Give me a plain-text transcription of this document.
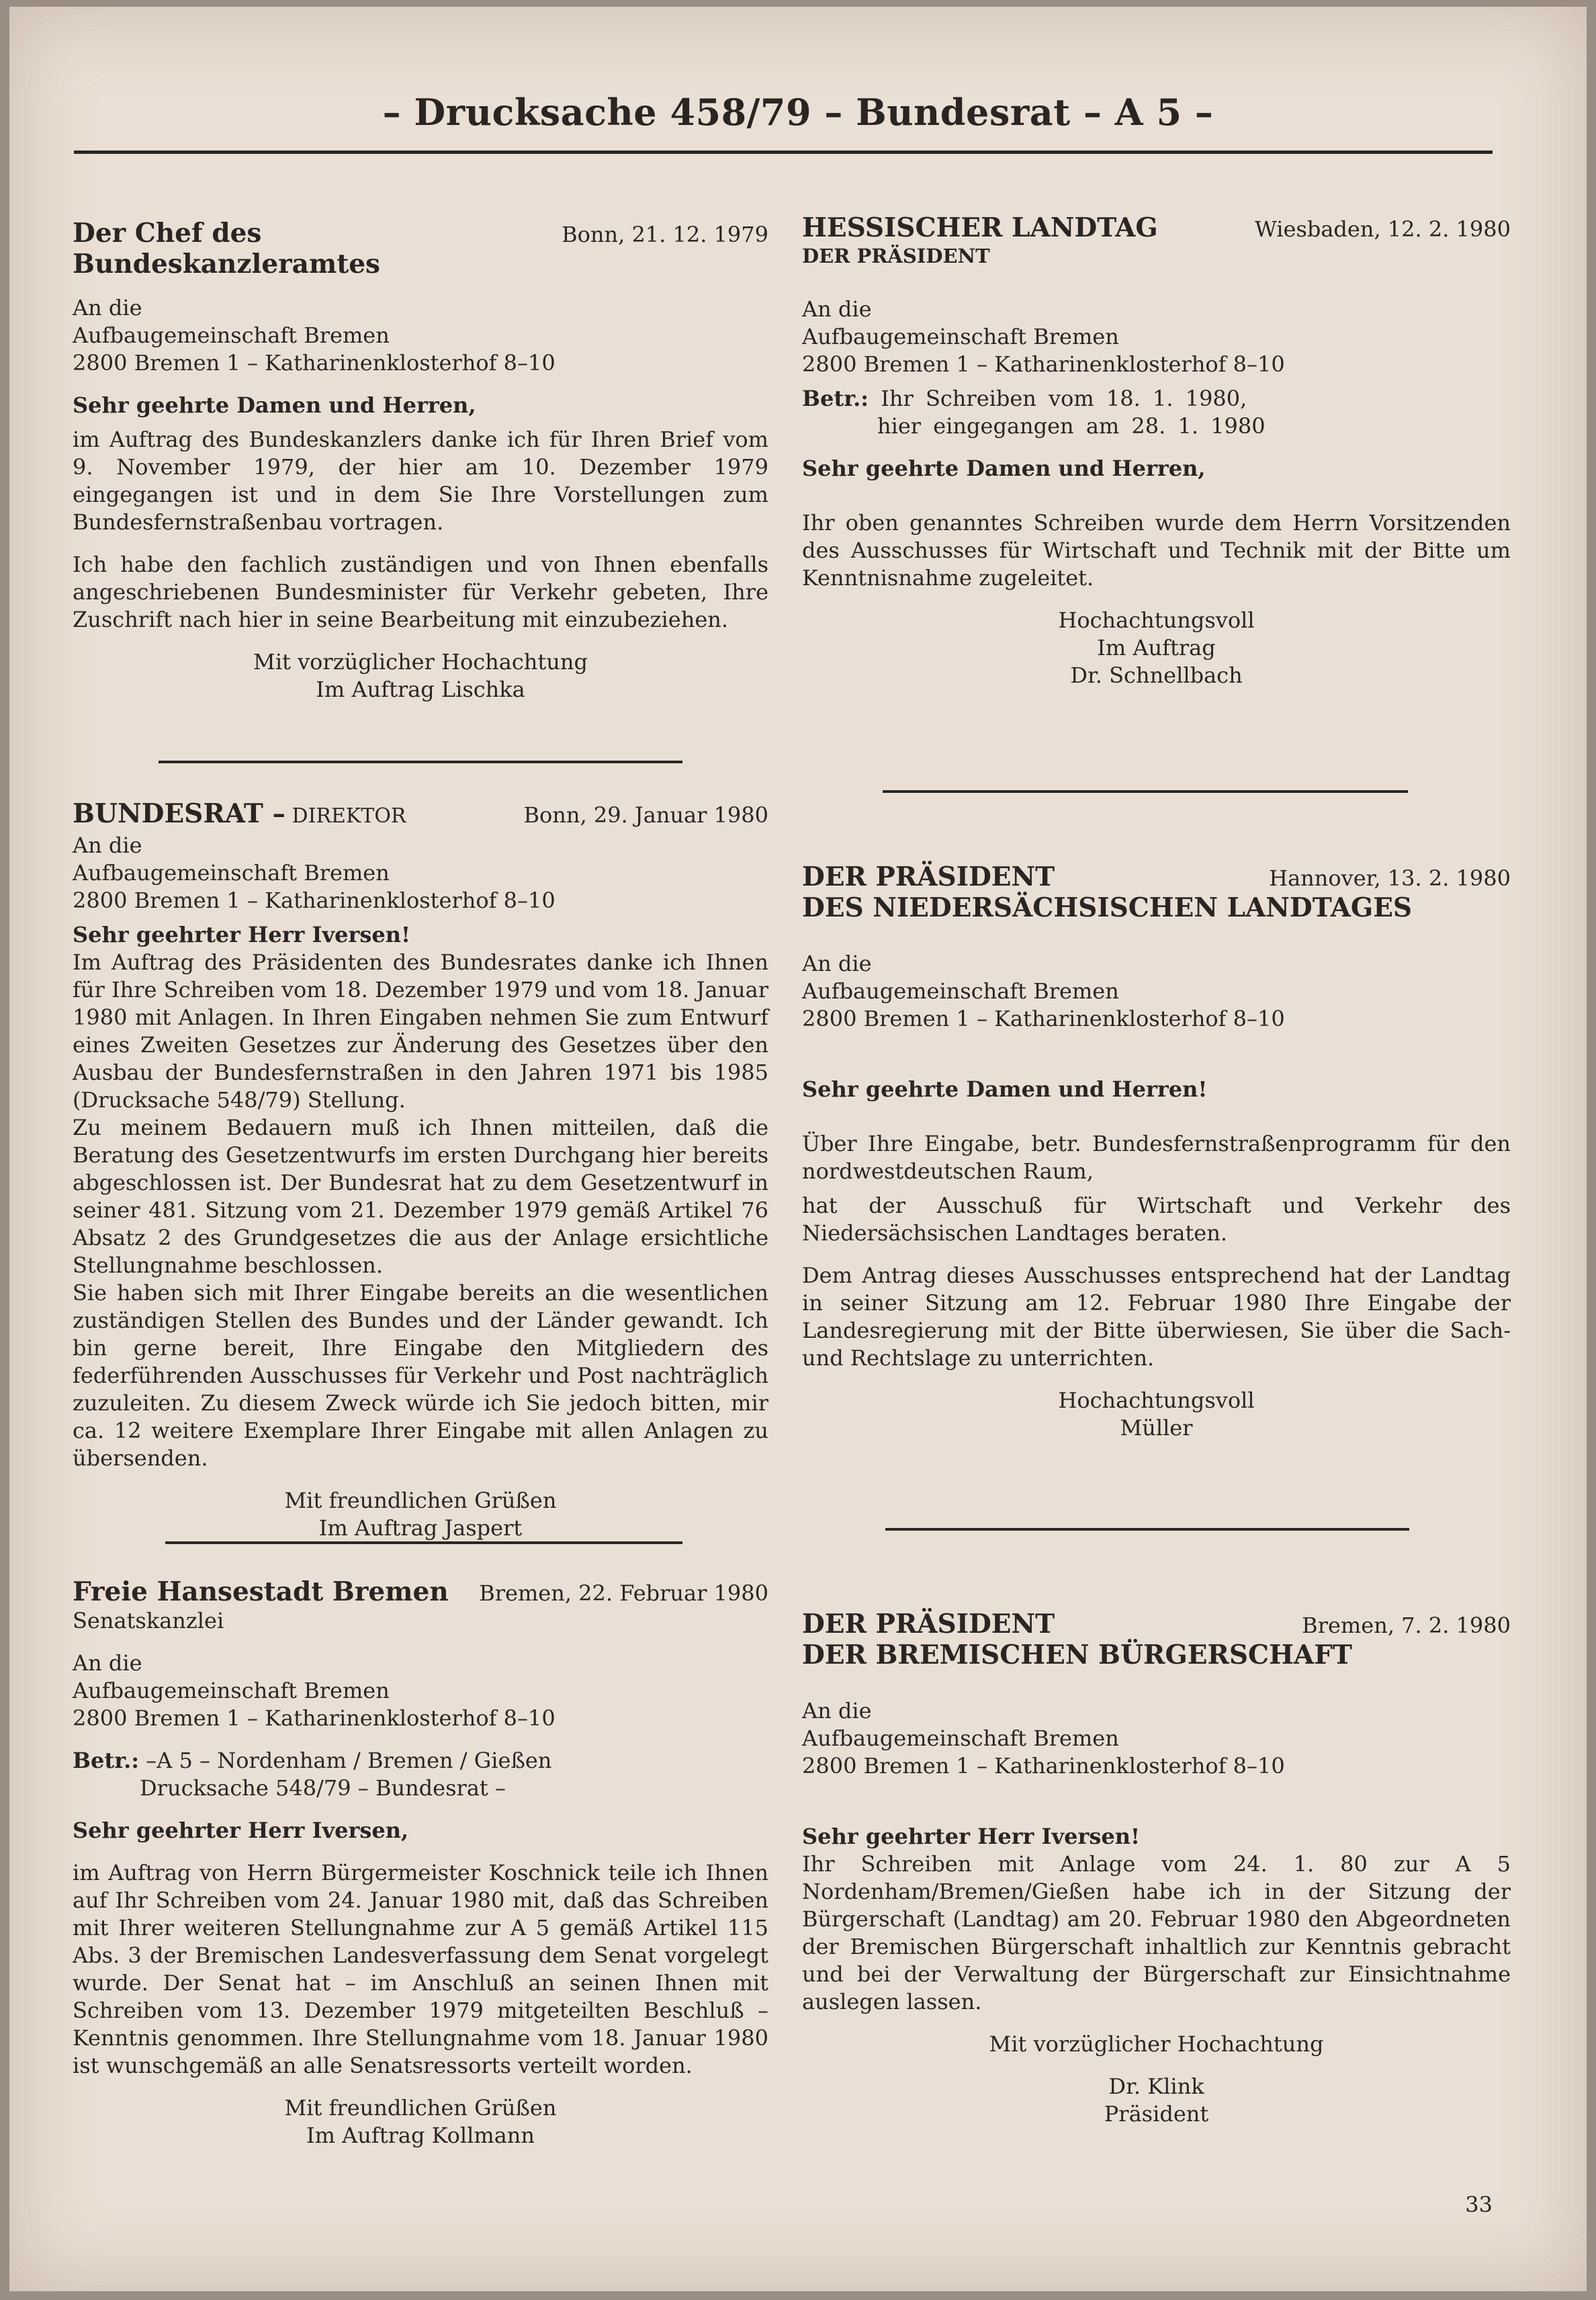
– Drucksache 458/79 – Bundesrat – A 5 –

Der Chef des

Bundeskanzleramtes

Bonn, 21. 12. 1979

An die

Aufbaugemeinschaft Bremen

2800 Bremen 1 – Katharinenklosterhof 8–10

Sehr geehrte Damen und Herren,

im Auftrag des Bundeskanzlers danke ich für Ihren Brief vom 9. November 1979, der hier am 10. Dezember 1979 eingegangen ist und in dem Sie Ihre Vorstellungen zum Bundesfernstraßenbau vortragen.

Ich habe den fachlich zuständigen und von Ihnen ebenfalls angeschriebenen Bundesminister für Verkehr gebeten, Ihre Zuschrift nach hier in seine Bearbeitung mit einzubeziehen.

Mit vorzüglicher Hochachtung

Im Auftrag Lischka

BUNDESRAT – DIREKTOR	Bonn, 29. Januar 1980

An die

Aufbaugemeinschaft Bremen

2800 Bremen 1 – Katharinenklosterhof 8–10

Sehr geehrter Herr Iversen!

Im Auftrag des Präsidenten des Bundesrates danke ich Ihnen für Ihre Schreiben vom 18. Dezember 1979 und vom 18. Januar 1980 mit Anlagen. In Ihren Eingaben nehmen Sie zum Entwurf eines Zweiten Gesetzes zur Änderung des Gesetzes über den Ausbau der Bundesfernstraßen in den Jahren 1971 bis 1985 (Drucksache 548/79) Stellung.

Zu meinem Bedauern muß ich Ihnen mitteilen, daß die Beratung des Gesetzentwurfs im ersten Durchgang hier bereits abgeschlossen ist. Der Bundesrat hat zu dem Gesetzentwurf in seiner 481. Sitzung vom 21. Dezember 1979 gemäß Artikel 76 Absatz 2 des Grundgesetzes die aus der Anlage ersichtliche Stellungnahme beschlossen.

Sie haben sich mit Ihrer Eingabe bereits an die wesentlichen zuständigen Stellen des Bundes und der Länder gewandt. Ich bin gerne bereit, Ihre Eingabe den Mitgliedern des federführenden Ausschusses für Verkehr und Post nachträglich zuzuleiten. Zu diesem Zweck würde ich Sie jedoch bitten, mir ca. 12 weitere Exemplare Ihrer Eingabe mit allen Anlagen zu übersenden.

Mit freundlichen Grüßen

Im Auftrag Jaspert

Freie Hansestadt Bremen	Bremen, 22. Februar 1980

Senatskanzlei

An die

Aufbaugemeinschaft Bremen

2800 Bremen 1 – Katharinenklosterhof 8–10

Betr.: –A 5 – Nordenham / Bremen / Gießen

Drucksache 548/79 – Bundesrat –

Sehr geehrter Herr Iversen,

im Auftrag von Herrn Bürgermeister Koschnick teile ich Ihnen auf Ihr Schreiben vom 24. Januar 1980 mit, daß das Schreiben mit Ihrer weiteren Stellungnahme zur A 5 gemäß Artikel 115 Abs. 3 der Bremischen Landesverfassung dem Senat vorgelegt wurde. Der Senat hat – im Anschluß an seinen Ihnen mit Schreiben vom 13. Dezember 1979 mitgeteilten Beschluß – Kenntnis genommen. Ihre Stellungnahme vom 18. Januar 1980 ist wunschgemäß an alle Senatsressorts verteilt worden.

Mit freundlichen Grüßen

Im Auftrag Kollmann

HESSISCHER LANDTAG

DER PRÄSIDENT

Wiesbaden, 12. 2. 1980

An die

Aufbaugemeinschaft Bremen

2800 Bremen 1 – Katharinenklosterhof 8–10

Betr.: Ihr Schreiben vom 18. 1. 1980,

hier eingegangen am 28. 1. 1980

Sehr geehrte Damen und Herren,

Ihr oben genanntes Schreiben wurde dem Herrn Vorsitzenden des Ausschusses für Wirtschaft und Technik mit der Bitte um Kenntnisnahme zugeleitet.

Hochachtungsvoll

Im Auftrag

Dr. Schnellbach

DER PRÄSIDENT

DES NIEDERSÄCHSISCHEN LANDTAGES

Hannover, 13. 2. 1980

An die

Aufbaugemeinschaft Bremen

2800 Bremen 1 – Katharinenklosterhof 8–10

Sehr geehrte Damen und Herren!

Über Ihre Eingabe, betr. Bundesfernstraßenprogramm für den nordwestdeutschen Raum,

hat der Ausschuß für Wirtschaft und Verkehr des Niedersächsischen Landtages beraten.

Dem Antrag dieses Ausschusses entsprechend hat der Landtag in seiner Sitzung am 12. Februar 1980 Ihre Eingabe der Landesregierung mit der Bitte überwiesen, Sie über die Sach- und Rechtslage zu unterrichten.

Hochachtungsvoll

Müller

DER PRÄSIDENT

DER BREMISCHEN BÜRGERSCHAFT

Bremen, 7. 2. 1980

An die

Aufbaugemeinschaft Bremen

2800 Bremen 1 – Katharinenklosterhof 8–10

Sehr geehrter Herr Iversen!

Ihr Schreiben mit Anlage vom 24. 1. 80 zur A 5 Nordenham/Bremen/Gießen habe ich in der Sitzung der Bürgerschaft (Landtag) am 20. Februar 1980 den Abgeordneten der Bremischen Bürgerschaft inhaltlich zur Kenntnis gebracht und bei der Verwaltung der Bürgerschaft zur Einsichtnahme auslegen lassen.

Mit vorzüglicher Hochachtung

Dr. Klink

Präsident

33
